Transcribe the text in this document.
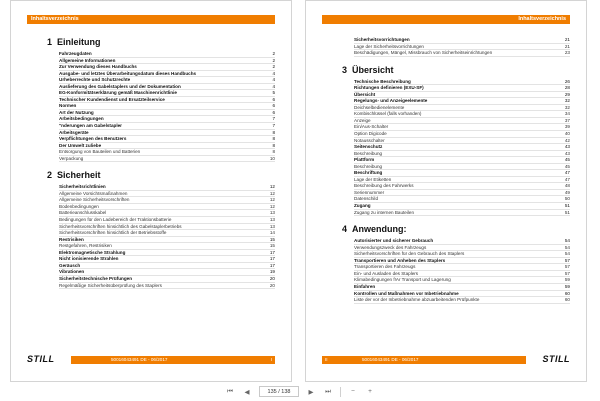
Inhaltsverzeichnis
1 Einleitung
Fahrzeugdaten	2
Allgemeine Informationen	2
Zur Verwendung dieses Handbuchs	2
Ausgabe- und letztes Überarbeitungsdatum dieses Handbuchs	4
Urheberrechte und Schutzrechte	4
Auslieferung des Gabelstaplers und der Dokumentation	4
EG-Konformitätserklärung gemäß Maschinenrichtlinie	5
Technischer Kundendienst und Ersatzteilservice	6
Normen	6
Art der Nutzung	6
Arbeitsbedingungen	7
"nderungen am Gabelstapler	7
Arbeitsgeräte	8
Verpflichtungen des Benutzers	8
Der Umwelt zuliebe	8
Entsorgung von Bauteilen und Batterien	8
Verpackung	10
2 Sicherheit
Sicherheitsrichtlinien	12
Allgemeine Vorsichtsmaßnahmen	12
Allgemeine Sicherheitsvorschriften	12
Bodenbedingungen	12
Batterieanschlusskabel	13
Bedingungen für den Ladebereich der Traktionsbatterie	13
Sicherheitsvorschriften hinsichtlich des Gabelstaplerbetriebs	13
Sicherheitsvorschriften hinsichtlich der Betriebsstoffe	14
Restrisiken	15
Restgefahren, Restrisiken	15
Elektromagnetische Strahlung	17
Nicht ionisierende Strahlen	17
Geräusch	17
Vibrationen	19
Sicherheitstechnische Prüfungen	20
Regelmäßige Sicherheitsüberprüfung des Staplers	20
STILL	50016043491 DE - 06/2017	I
Inhaltsverzeichnis
Sicherheitsvorrichtungen	21
Lage der Sicherheitsvorrichtungen	21
Beschädigungen, Mängel, Missbrauch von Sicherheitseinrichtungen	23
3 Übersicht
Technische Beschreibung	26
Richtungen definieren (EXU-SF)	28
Übersicht	29
Regelungs- und Anzeigeelemente	32
Deichselbedienelemente	32
Kombischlüssel (falls vorhanden)	34
Anzeige	37
Ein/Aus-Schalter	39
Option Digicode	40
Notausschalter	42
Seitenschutz	43
Beschreibung	43
Plattform	45
Beschreibung	45
Beschriftung	47
Lage der Etiketten	47
Beschreibung des Fahrwerks	48
Seriennummer	49
Datenschild	50
Zugang	51
Zugang zu internen Bauteilen	51
4 Anwendung:
Autorisierter und sicherer Gebrauch	54
Verwendungszweck des Fahrzeugs	54
Sicherheitsvorschriften für den Gebrauch des Staplers	54
Transportieren und Anheben des Staplers	57
Transportieren des Fahrzeugs	57
Ein- und Ausladen des Staplers	57
Klimabedingungen f!Ar Transport und Lagerung	59
Einfahren	59
Kontrollen und Maßnahmen vor Inbetriebnahme	60
Liste der vor der Inbetriebnahme abzuarbeitenden Prüfpunkte	60
STILL
II	50016043491 DE - 06/2017
⏮	◀	135 / 138	▶	⏭	−	+
